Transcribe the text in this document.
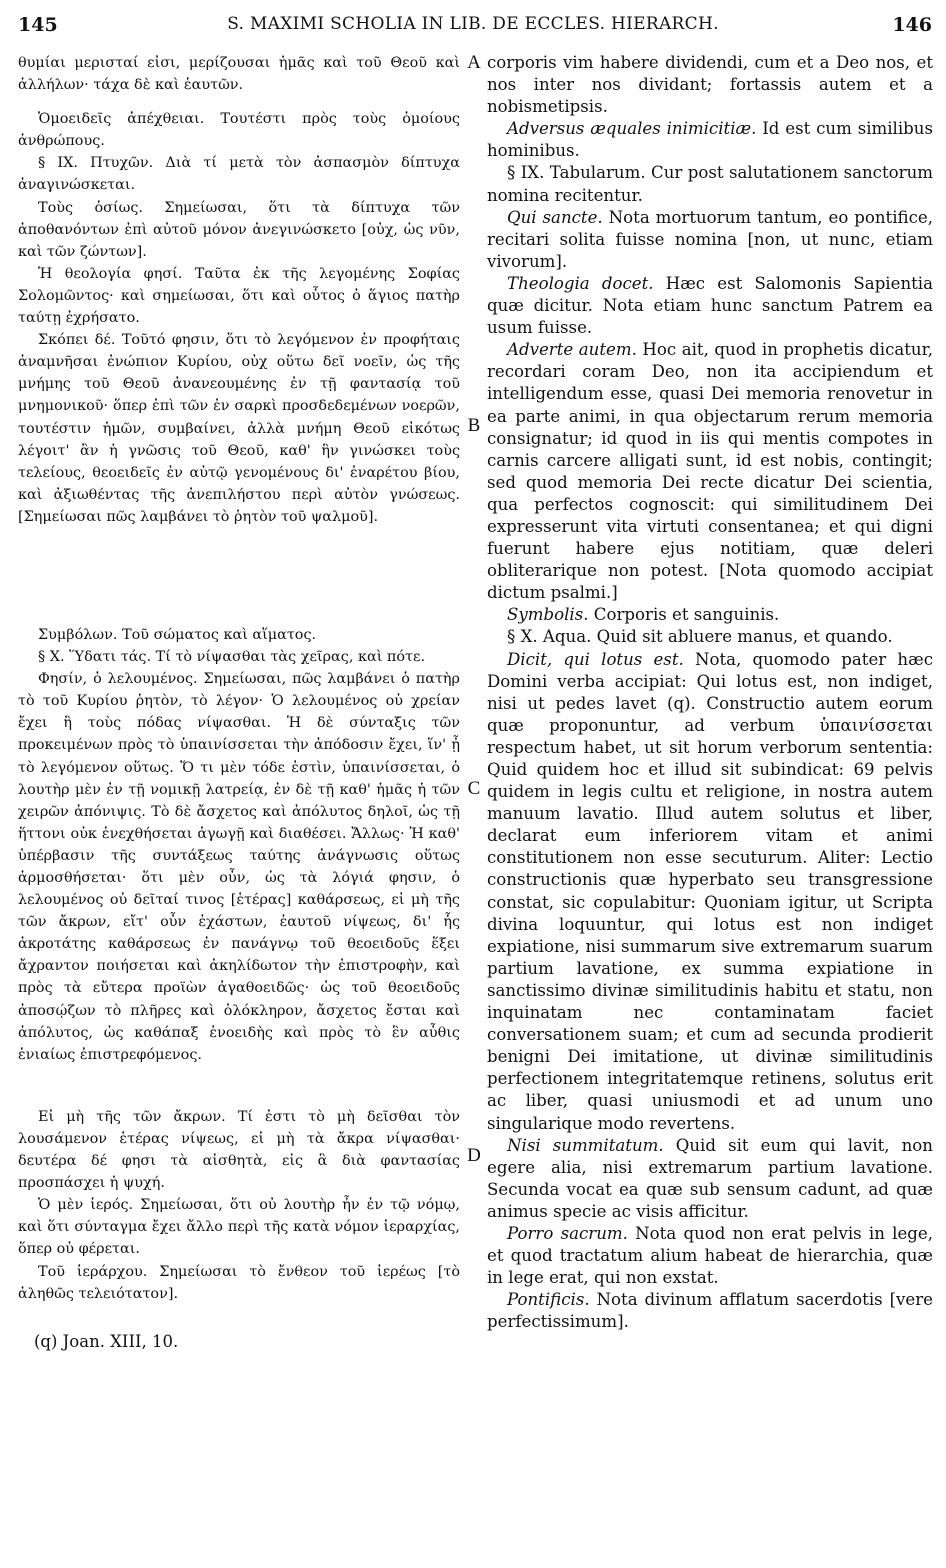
145	S. MAXIMI SCHOLIA IN LIB. DE ECCLES. HIERARCH.	146
A
B
C
D

θυμίαι μερισταί εἰσι, μερίζουσαι ἡμᾶς καὶ τοῦ Θεοῦ καὶ ἀλλήλων· τάχα δὲ καὶ ἑαυτῶν.

Ὁμοειδεῖς ἀπέχθειαι. Τουτέστι πρὸς τοὺς ὁμοίους ἀνθρώπους.

§ IX. Πτυχῶν. Διὰ τί μετὰ τὸν ἀσπασμὸν δίπτυχα ἀναγινώσκεται.

Τοὺς ὁσίως. Σημείωσαι, ὅτι τὰ δίπτυχα τῶν ἀποθανόντων ἐπὶ αὐτοῦ μόνον ἀνεγινώσκετο [οὐχ, ὡς νῦν, καὶ τῶν ζώντων].

Ἡ θεολογία φησί. Ταῦτα ἐκ τῆς λεγομένης Σοφίας Σολομῶντος· καὶ σημείωσαι, ὅτι καὶ οὗτος ὁ ἅγιος πατὴρ ταύτῃ ἐχρήσατο.

Σκόπει δέ. Τοῦτό φησιν, ὅτι τὸ λεγόμενον ἐν προφήταις ἀναμνῆσαι ἐνώπιον Κυρίου, οὐχ οὕτω δεῖ νοεῖν, ὡς τῆς μνήμης τοῦ Θεοῦ ἀνανεουμένης ἐν τῇ φαντασίᾳ τοῦ μνημονικοῦ· ὅπερ ἐπὶ τῶν ἐν σαρκὶ προσδεδεμένων νοερῶν, τουτέστιν ἡμῶν, συμβαίνει, ἀλλὰ μνήμη Θεοῦ εἰκότως λέγοιτ' ἂν ἡ γνῶσις τοῦ Θεοῦ, καθ' ἣν γινώσκει τοὺς τελείους, θεοειδεῖς ἐν αὐτῷ γενομένους δι' ἐναρέτου βίου, καὶ ἀξιωθέντας τῆς ἀνεπιλήστου περὶ αὐτὸν γνώσεως. [Σημείωσαι πῶς λαμβάνει τὸ ῥητὸν τοῦ ψαλμοῦ].

Συμβόλων. Τοῦ σώματος καὶ αἵματος.

§ X. Ὕδατι τάς. Τί τὸ νίψασθαι τὰς χεῖρας, καὶ πότε.

Φησίν, ὁ λελουμένος. Σημείωσαι, πῶς λαμβάνει ὁ πατὴρ τὸ τοῦ Κυρίου ῥητὸν, τὸ λέγον· Ὁ λελουμένος οὐ χρείαν ἔχει ἢ τοὺς πόδας νίψασθαι. Ἡ δὲ σύνταξις τῶν προκειμένων πρὸς τὸ ὑπαινίσσεται τὴν ἀπόδοσιν ἔχει, ἵν' ᾖ τὸ λεγόμενον οὕτως. Ὅ τι μὲν τόδε ἐστὶν, ὑπαινίσσεται, ὁ λουτὴρ μὲν ἐν τῇ νομικῇ λατρείᾳ, ἐν δὲ τῇ καθ' ἡμᾶς ἡ τῶν χειρῶν ἀπόνιψις. Τὸ δὲ ἄσχετος καὶ ἀπόλυτος δηλοῖ, ὡς τῇ ἥττονι οὐκ ἐνεχθήσεται ἀγωγῇ καὶ διαθέσει. Ἄλλως· Ἡ καθ' ὑπέρβασιν τῆς συντάξεως ταύτης ἀνάγνωσις οὕτως ἁρμοσθήσεται· ὅτι μὲν οὖν, ὡς τὰ λόγιά φησιν, ὁ λελουμένος οὐ δεῖταί τινος [ἑτέρας] καθάρσεως, εἰ μὴ τῆς τῶν ἄκρων, εἴτ' οὖν ἐχάστων, ἑαυτοῦ νίψεως, δι' ἧς ἀκροτάτης καθάρσεως ἐν πανάγνῳ τοῦ θεοειδοῦς ἕξει ἄχραντον ποιήσεται καὶ ἀκηλίδωτον τὴν ἐπιστροφὴν, καὶ πρὸς τὰ εὔτερα προϊὼν ἀγαθοειδῶς· ὡς τοῦ θεοειδοῦς ἀποσῴζων τὸ πλῆρες καὶ ὁλόκληρον, ἄσχετος ἔσται καὶ ἀπόλυτος, ὡς καθάπαξ ἑνοειδὴς καὶ πρὸς τὸ ἓν αὖθις ἑνιαίως ἐπιστρεφόμενος.

Εἰ μὴ τῆς τῶν ἄκρων. Τί ἐστι τὸ μὴ δεῖσθαι τὸν λουσάμενον ἑτέρας νίψεως, εἰ μὴ τὰ ἄκρα νίψασθαι· δευτέρα δέ φησι τὰ αἰσθητὰ, εἰς ἃ διὰ φαντασίας προσπάσχει ἡ ψυχή.

Ὁ μὲν ἱερός. Σημείωσαι, ὅτι οὐ λουτὴρ ἦν ἐν τῷ νόμῳ, καὶ ὅτι σύνταγμα ἔχει ἄλλο περὶ τῆς κατὰ νόμον ἱεραρχίας, ὅπερ οὐ φέρεται.

Τοῦ ἱεράρχου. Σημείωσαι τὸ ἔνθεον τοῦ ἱερέως [τὸ ἀληθῶς τελειότατον].

(q) Joan. XIII, 10.

corporis vim habere dividendi, cum et a Deo nos, et nos inter nos dividant; fortassis autem et a nobismetipsis.

Adversus æquales inimicitiæ. Id est cum similibus hominibus.

§ IX. Tabularum. Cur post salutationem sanctorum nomina recitentur.

Qui sancte. Nota mortuorum tantum, eo pontifice, recitari solita fuisse nomina [non, ut nunc, etiam vivorum].

Theologia docet. Hæc est Salomonis Sapientia quæ dicitur. Nota etiam hunc sanctum Patrem ea usum fuisse.

Adverte autem. Hoc ait, quod in prophetis dicatur, recordari coram Deo, non ita accipiendum et intelligendum esse, quasi Dei memoria renovetur in ea parte animi, in qua objectarum rerum memoria consignatur; id quod in iis qui mentis compotes in carnis carcere alligati sunt, id est nobis, contingit; sed quod memoria Dei recte dicatur Dei scientia, qua perfectos cognoscit: qui similitudinem Dei expresserunt vita virtuti consentanea; et qui digni fuerunt habere ejus notitiam, quæ deleri obliterarique non potest. [Nota quomodo accipiat dictum psalmi.]

Symbolis. Corporis et sanguinis.

§ X. Aqua. Quid sit abluere manus, et quando.

Dicit, qui lotus est. Nota, quomodo pater hæc Domini verba accipiat: Qui lotus est, non indiget, nisi ut pedes lavet (q). Constructio autem eorum quæ proponuntur, ad verbum ὑπαινίσσεται respectum habet, ut sit horum verborum sententia: Quid quidem hoc et illud sit subindicat: 69 pelvis quidem in legis cultu et religione, in nostra autem manuum lavatio. Illud autem solutus et liber, declarat eum inferiorem vitam et animi constitutionem non esse secuturum. Aliter: Lectio constructionis quæ hyperbato seu transgressione constat, sic copulabitur: Quoniam igitur, ut Scripta divina loquuntur, qui lotus est non indiget expiatione, nisi summarum sive extremarum suarum partium lavatione, ex summa expiatione in sanctissimo divinæ similitudinis habitu et statu, non inquinatam nec contaminatam faciet conversationem suam; et cum ad secunda prodierit benigni Dei imitatione, ut divinæ similitudinis perfectionem integritatemque retinens, solutus erit ac liber, quasi uniusmodi et ad unum uno singularique modo revertens.

Nisi summitatum. Quid sit eum qui lavit, non egere alia, nisi extremarum partium lavatione. Secunda vocat ea quæ sub sensum cadunt, ad quæ animus specie ac visis afficitur.

Porro sacrum. Nota quod non erat pelvis in lege, et quod tractatum alium habeat de hierarchia, quæ in lege erat, qui non exstat.

Pontificis. Nota divinum afflatum sacerdotis [vere perfectissimum].
